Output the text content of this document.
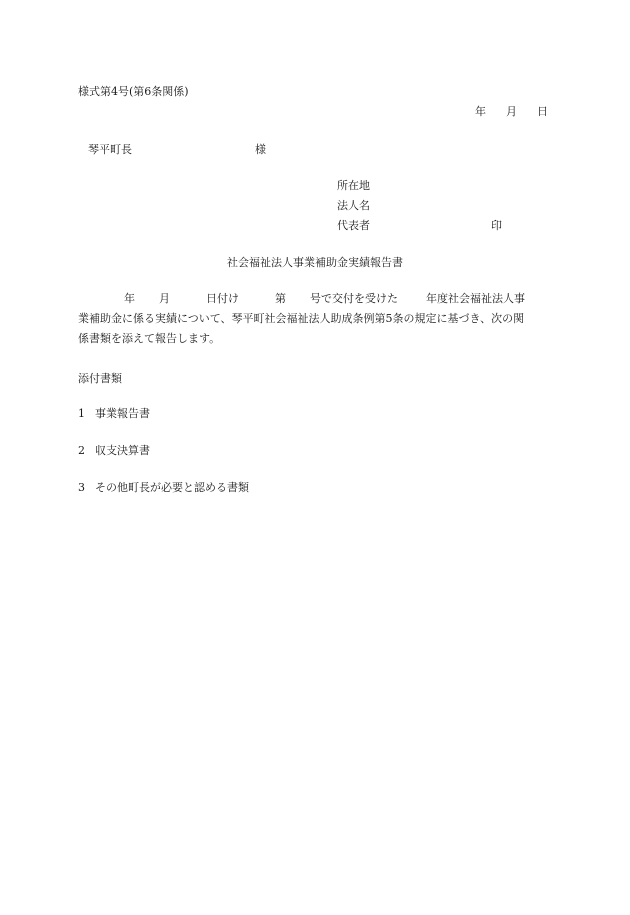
様式第4号(第6条関係)
年 月 日
琴平町長	様
所在地
法人名
代表者	印
社会福祉法人事業補助金実績報告書
年 月	日付け	第 号で交付を受けた	年度社会福祉法人事
業補助金に係る実績について、琴平町社会福祉法人助成条例第5条の規定に基づき、次の関
係書類を添えて報告します。
添付書類
1 事業報告書
2 収支決算書
3 その他町長が必要と認める書類
